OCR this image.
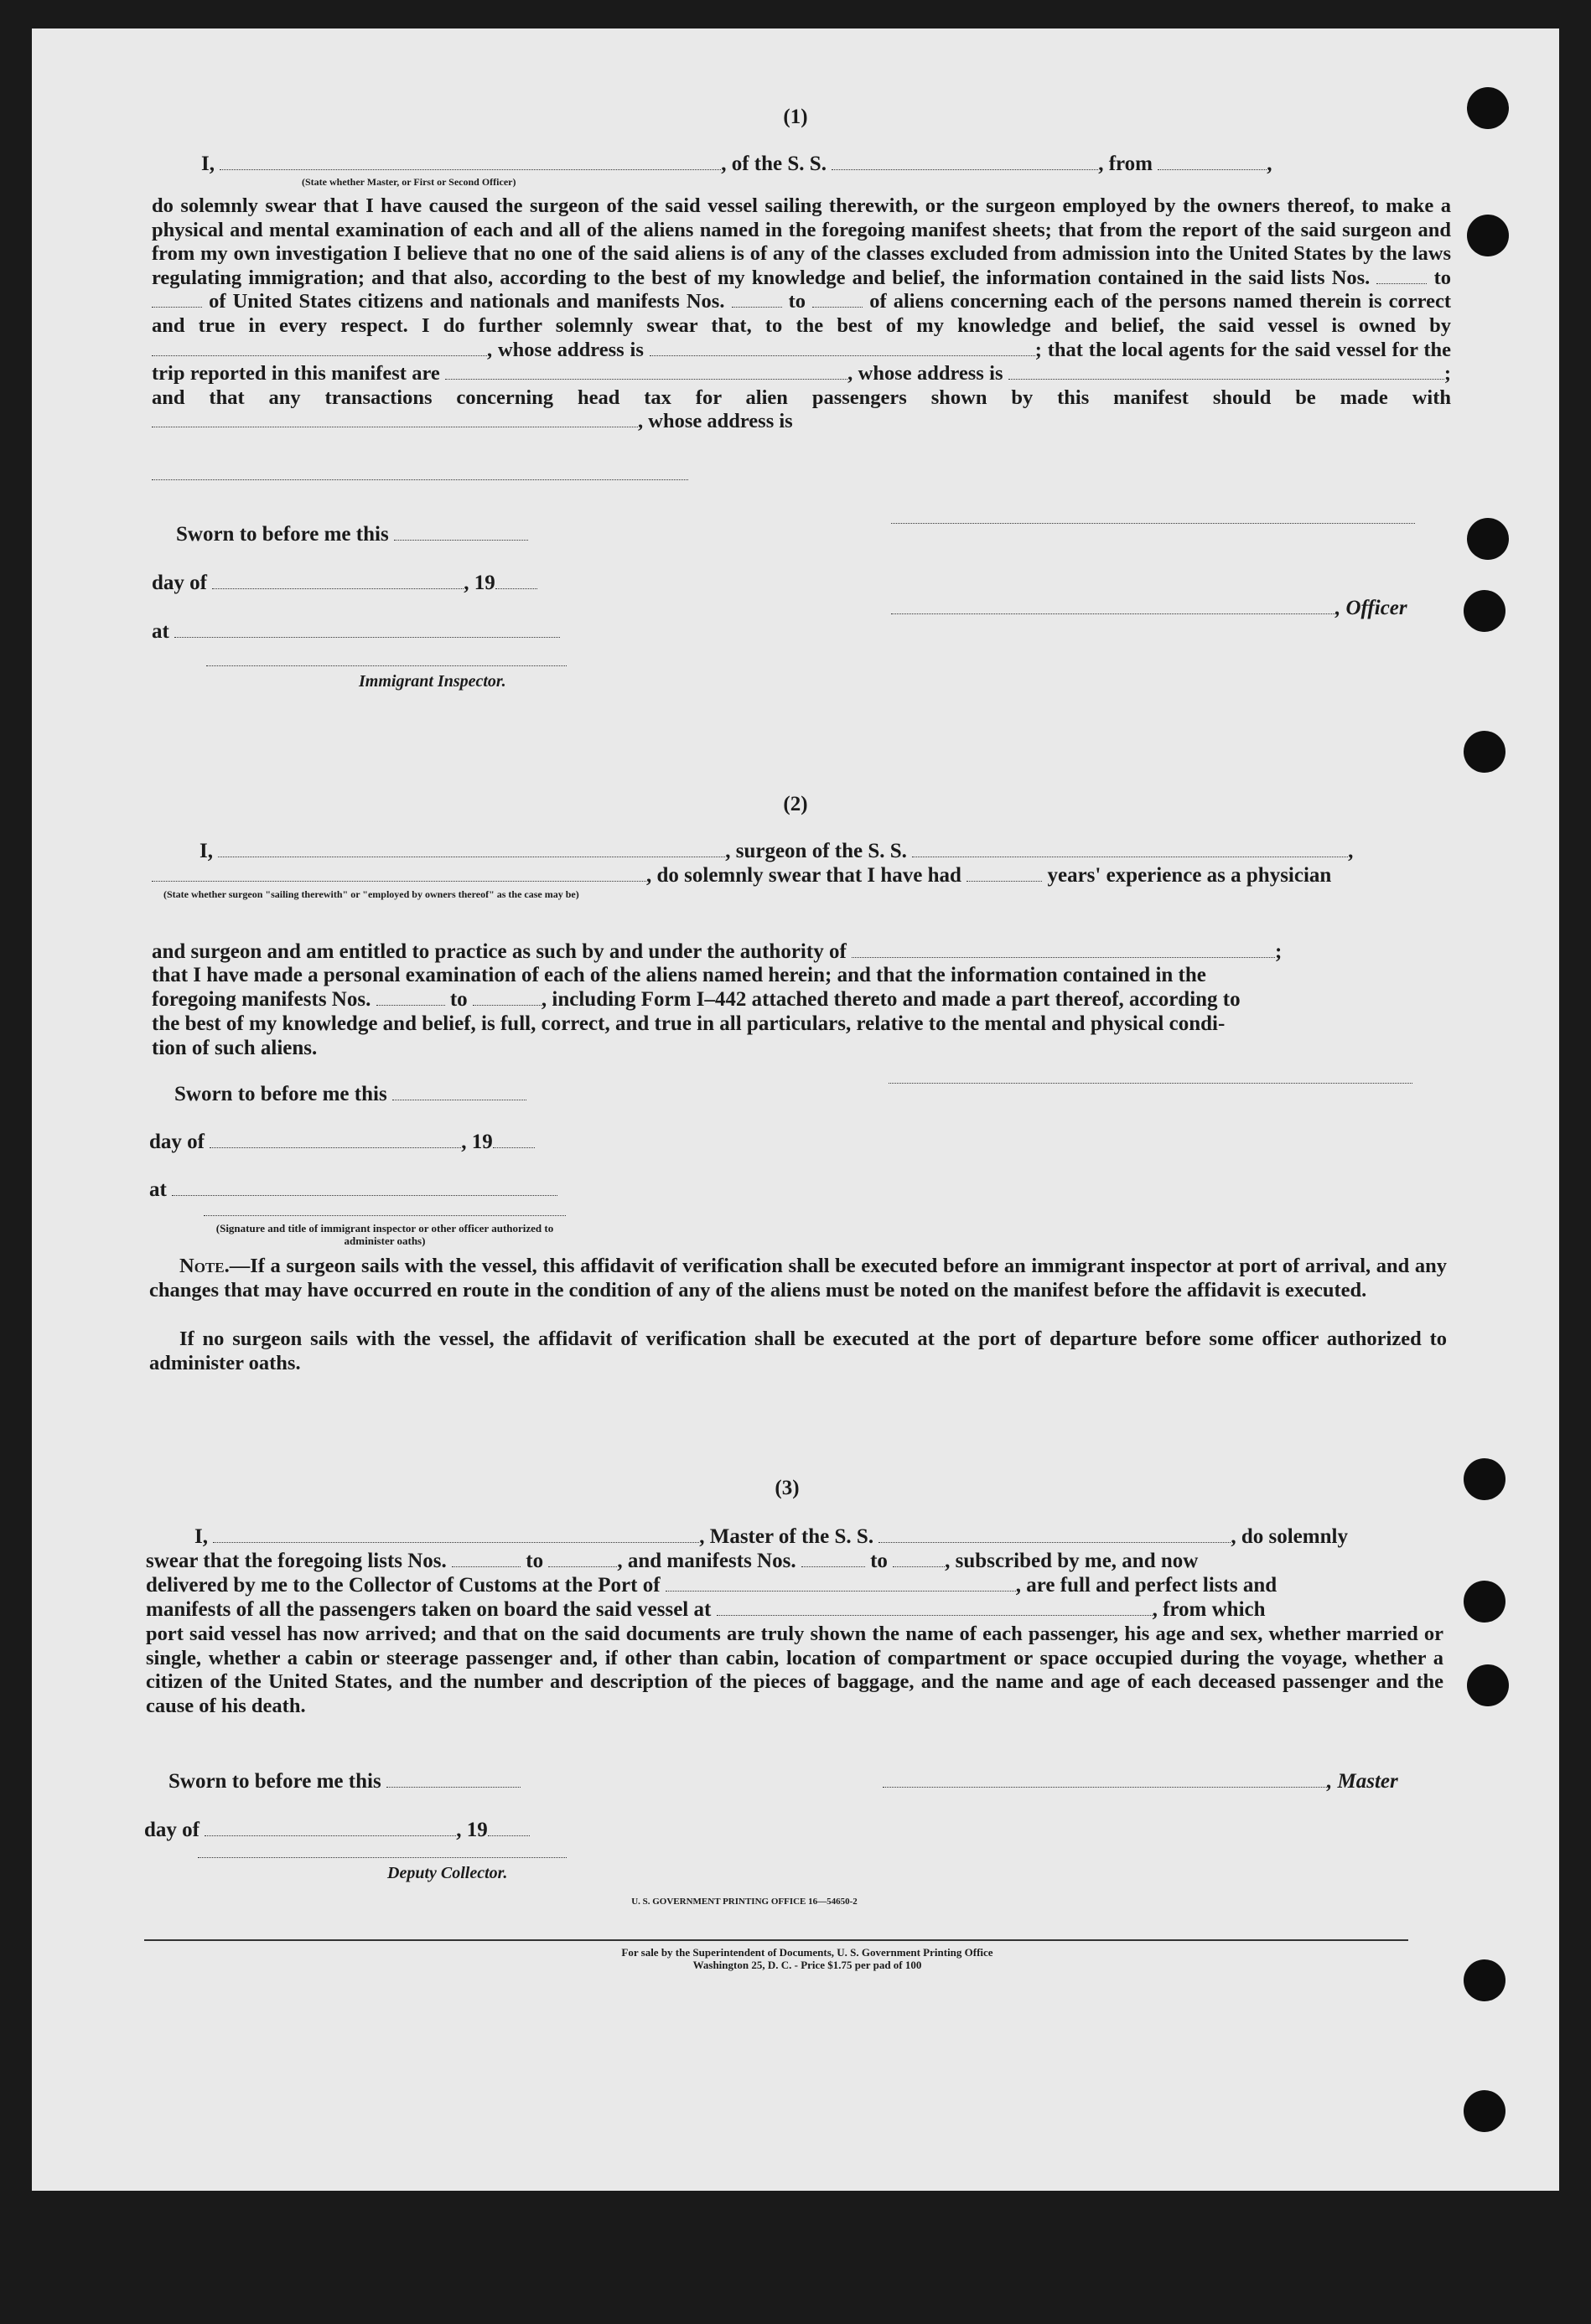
(1)
I,	, of the S. S.	, from	,
(State whether Master, or First or Second Officer)
do solemnly swear that I have caused the surgeon of the said vessel sailing therewith, or the surgeon employed by the owners thereof, to make a physical and mental examination of each and all of the aliens named in the foregoing manifest sheets; that from the report of the said surgeon and from my own investigation I believe that no one of the said aliens is of any of the classes excluded from admission into the United States by the laws regulating immigration; and that also, according to the best of my knowledge and belief, the information contained in the said lists Nos.	to  of United States citizens and nationals and manifests Nos.	to	of aliens concerning each of the persons named therein is correct and true in every respect. I do further solemnly swear that, to the best of my knowledge and belief, the said vessel is owned by , whose address is	; that the local agents for the said vessel for the trip reported in this manifest are	, whose address is	; and that any transactions concerning head tax for alien passengers shown by this manifest should be made with , whose address is
Sworn to before me this
day of	, 19
, Officer
at
Immigrant Inspector.
(2)
I,	, surgeon of the S. S.	,
, do solemnly swear that I have had	years' experience as a physician
(State whether surgeon "sailing therewith" or "employed by owners thereof" as the case may be)
and surgeon and am entitled to practice as such by and under the authority of	;
that I have made a personal examination of each of the aliens named herein; and that the information contained in the
foregoing manifests Nos.	to	, including Form I–442 attached thereto and made a part thereof, according to
the best of my knowledge and belief, is full, correct, and true in all particulars, relative to the mental and physical condi-
tion of such aliens.
Sworn to before me this
day of	, 19
at
(Signature and title of immigrant inspector or other officer authorized to administer oaths)
Note.—If a surgeon sails with the vessel, this affidavit of verification shall be executed before an immigrant inspector at port of arrival, and any changes that may have occurred en route in the condition of any of the aliens must be noted on the manifest before the affidavit is executed.
If no surgeon sails with the vessel, the affidavit of verification shall be executed at the port of departure before some officer authorized to administer oaths.
(3)
I,	, Master of the S. S.	, do solemnly
swear that the foregoing lists Nos.	to	, and manifests Nos.	to	, subscribed by me, and now
delivered by me to the Collector of Customs at the Port of	, are full and perfect lists and
manifests of all the passengers taken on board the said vessel at	, from which
port said vessel has now arrived; and that on the said documents are truly shown the name of each passenger, his age and sex, whether married or single, whether a cabin or steerage passenger and, if other than cabin, location of compartment or space occupied during the voyage, whether a citizen of the United States, and the number and description of the pieces of baggage, and the name and age of each deceased passenger and the cause of his death.
Sworn to before me this	, Master
day of	, 19
Deputy Collector.
U. S. GOVERNMENT PRINTING OFFICE 16—54650-2
For sale by the Superintendent of Documents, U. S. Government Printing Office
Washington 25, D. C. - Price $1.75 per pad of 100
